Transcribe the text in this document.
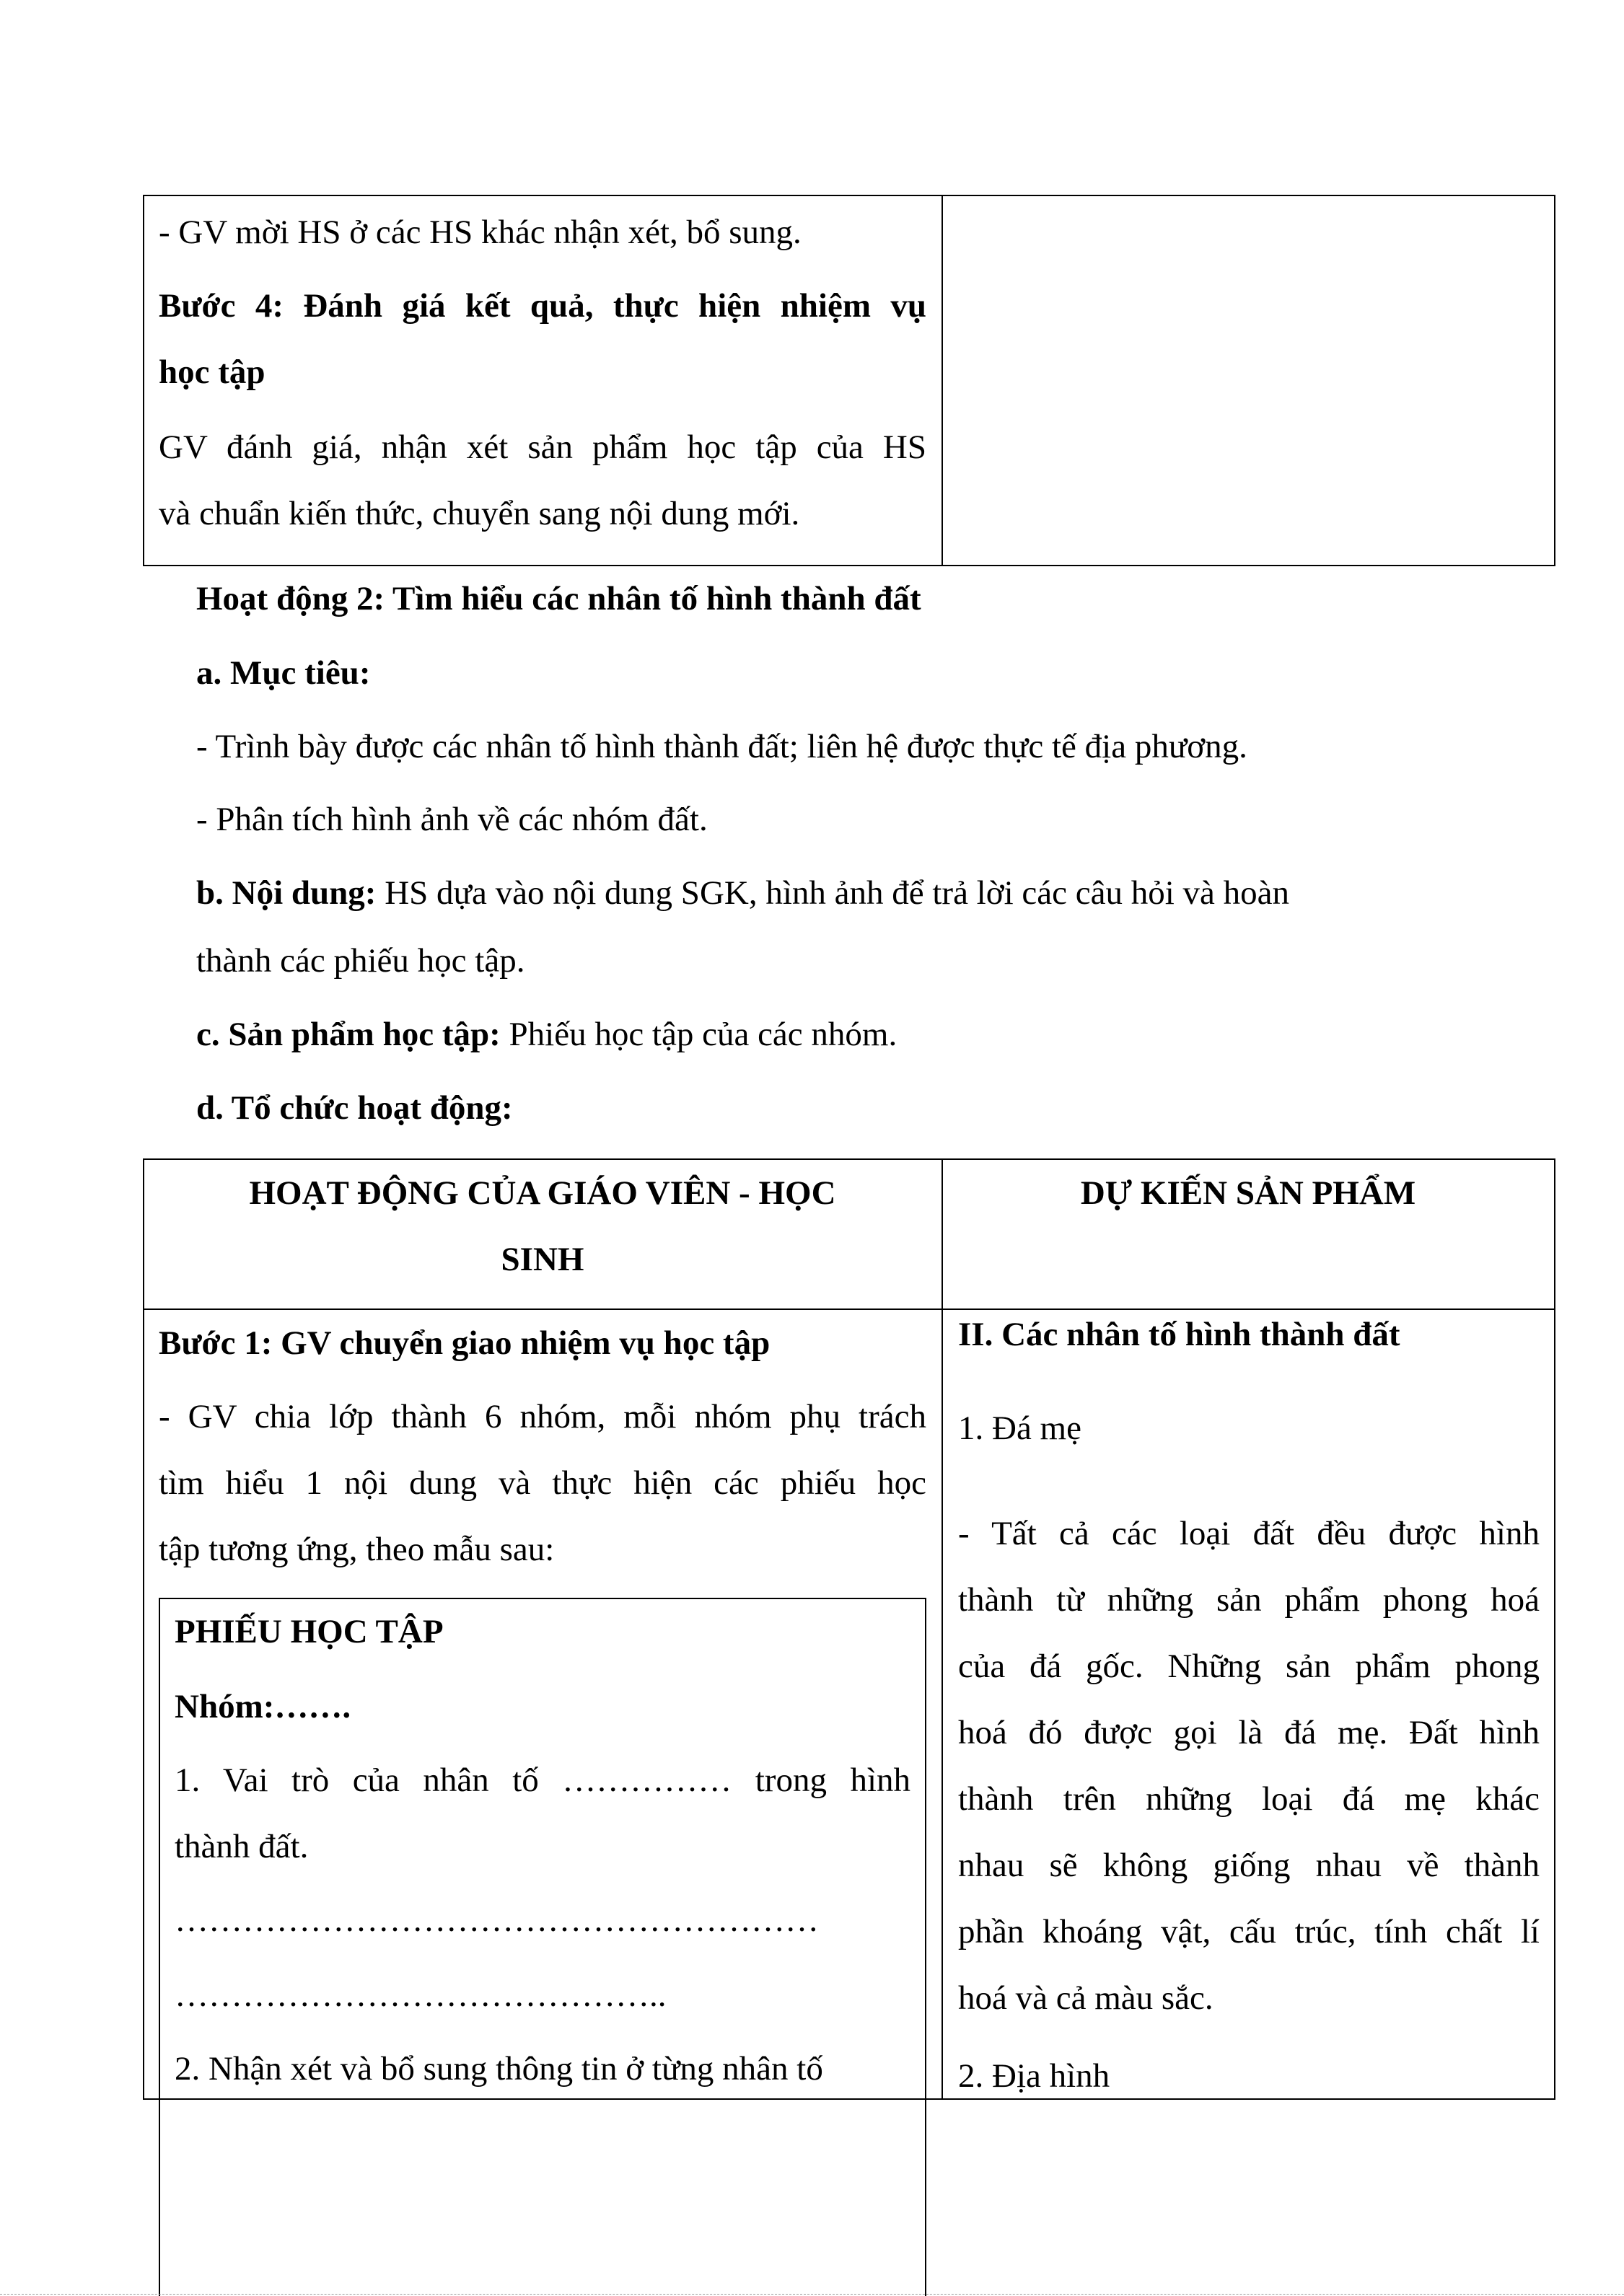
- GV mời HS ở các HS khác nhận xét, bổ sung.

Bước 4: Đánh giá kết quả, thực hiện nhiệm vụ

học tập

GV đánh giá, nhận xét sản phẩm học tập của HS

và chuẩn kiến thức, chuyển sang nội dung mới.

Hoạt động 2: Tìm hiểu các nhân tố hình thành đất

a. Mục tiêu:

- Trình bày được các nhân tố hình thành đất; liên hệ được thực tế địa phương.

- Phân tích hình ảnh về các nhóm đất.

b. Nội dung: HS dựa vào nội dung SGK, hình ảnh để trả lời các câu hỏi và hoàn

thành các phiếu học tập.

c. Sản phẩm học tập: Phiếu học tập của các nhóm.

d. Tổ chức hoạt động:

HOẠT ĐỘNG CỦA GIÁO VIÊN - HỌC

SINH

DỰ KIẾN SẢN PHẨM

Bước 1: GV chuyển giao nhiệm vụ học tập

- GV chia lớp thành 6 nhóm, mỗi nhóm phụ trách

tìm hiểu 1 nội dung và thực hiện các phiếu học

tập tương ứng, theo mẫu sau:

II. Các nhân tố hình thành đất

1. Đá mẹ

- Tất cả các loại đất đều được hình

thành từ những sản phẩm phong hoá

của đá gốc. Những sản phẩm phong

hoá đó được gọi là đá mẹ. Đất hình

thành trên những loại đá mẹ khác

nhau sẽ không giống nhau về thành

phần khoáng vật, cấu trúc, tính chất lí

hoá và cả màu sắc.

2. Địa hình

PHIẾU HỌC TẬP

Nhóm:…….

1. Vai trò của nhân tố …………… trong hình

thành đất.

…………………………………………………

……………………………………..

2. Nhận xét và bổ sung thông tin ở từng nhân tố
